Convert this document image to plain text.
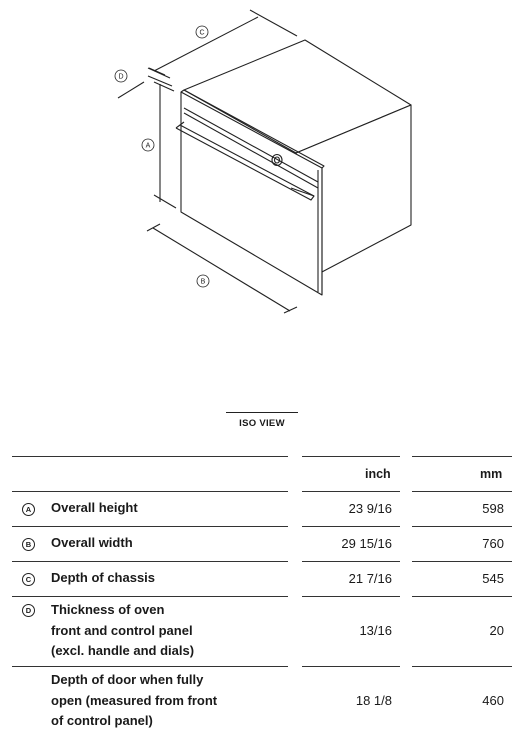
A
B
C
D
ISO VIEW
inch	mm
A Overall height	23 9/16	598
B Overall width	29 15/16	760
C Depth of chassis	21 7/16	545
D Thickness of oven
front and control panel
(excl. handle and dials)
13/16	20
Depth of door when fully
open (measured from front
of control panel)
18 1/8	460
